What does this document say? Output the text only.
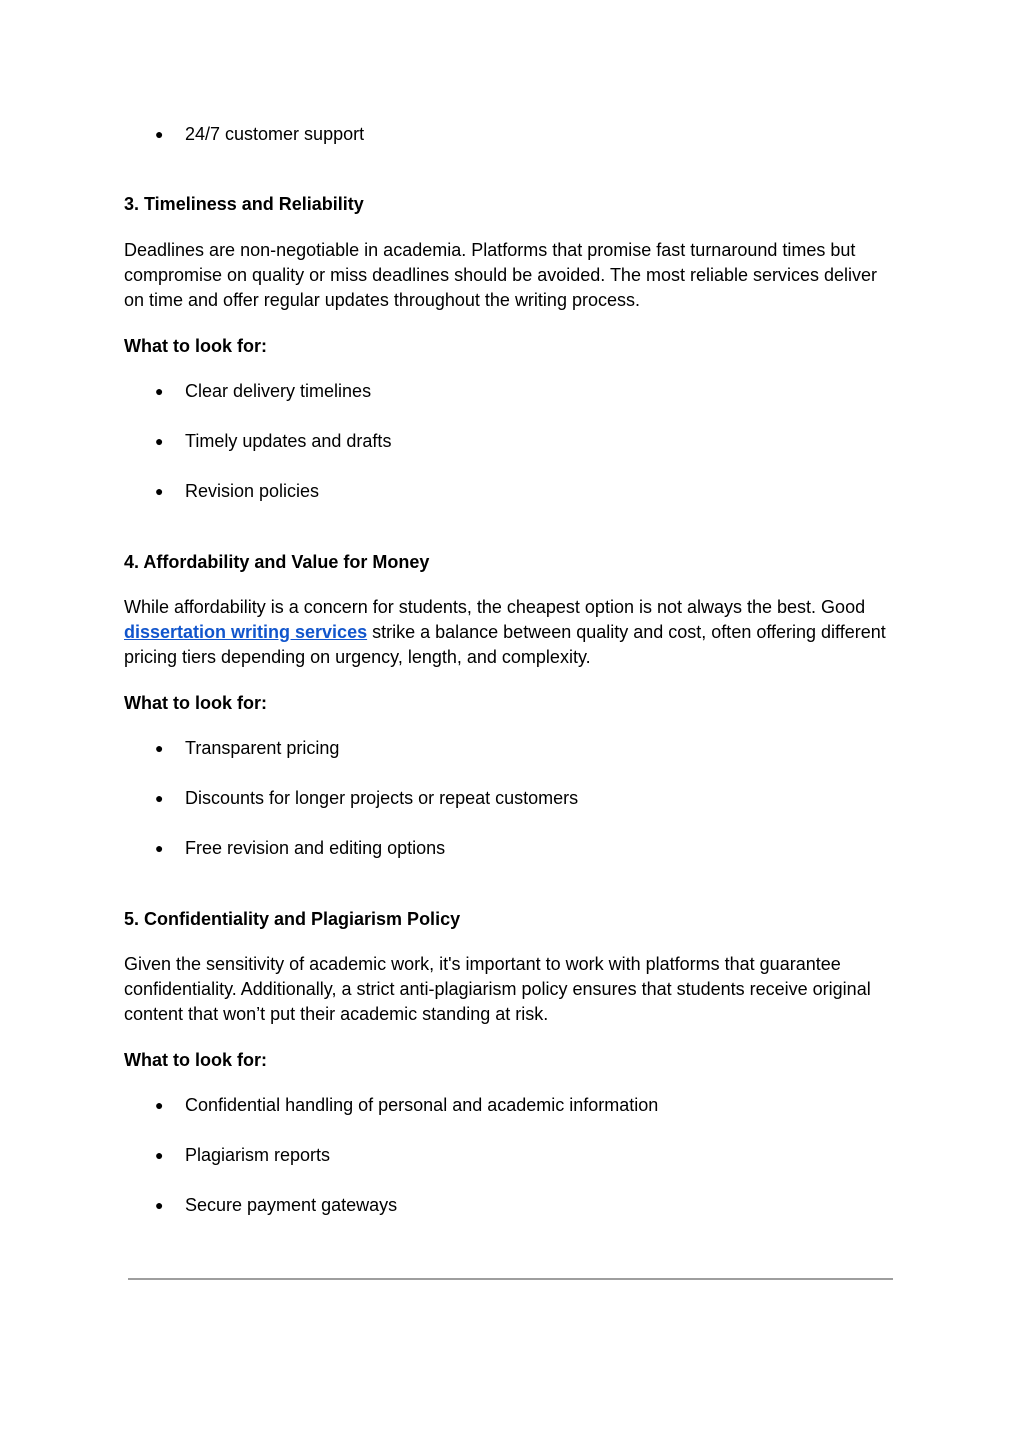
● 24/7 customer support
3. Timeliness and Reliability

Deadlines are non-negotiable in academia. Platforms that promise fast turnaround times but compromise on quality or miss deadlines should be avoided. The most reliable services deliver on time and offer regular updates throughout the writing process.

What to look for:

● Clear delivery timelines
● Timely updates and drafts
● Revision policies
4. Affordability and Value for Money

While affordability is a concern for students, the cheapest option is not always the best. Good dissertation writing services strike a balance between quality and cost, often offering different pricing tiers depending on urgency, length, and complexity.

What to look for:

● Transparent pricing
● Discounts for longer projects or repeat customers
● Free revision and editing options
5. Confidentiality and Plagiarism Policy

Given the sensitivity of academic work, it's important to work with platforms that guarantee confidentiality. Additionally, a strict anti-plagiarism policy ensures that students receive original content that won’t put their academic standing at risk.

What to look for:

● Confidential handling of personal and academic information
● Plagiarism reports
● Secure payment gateways
